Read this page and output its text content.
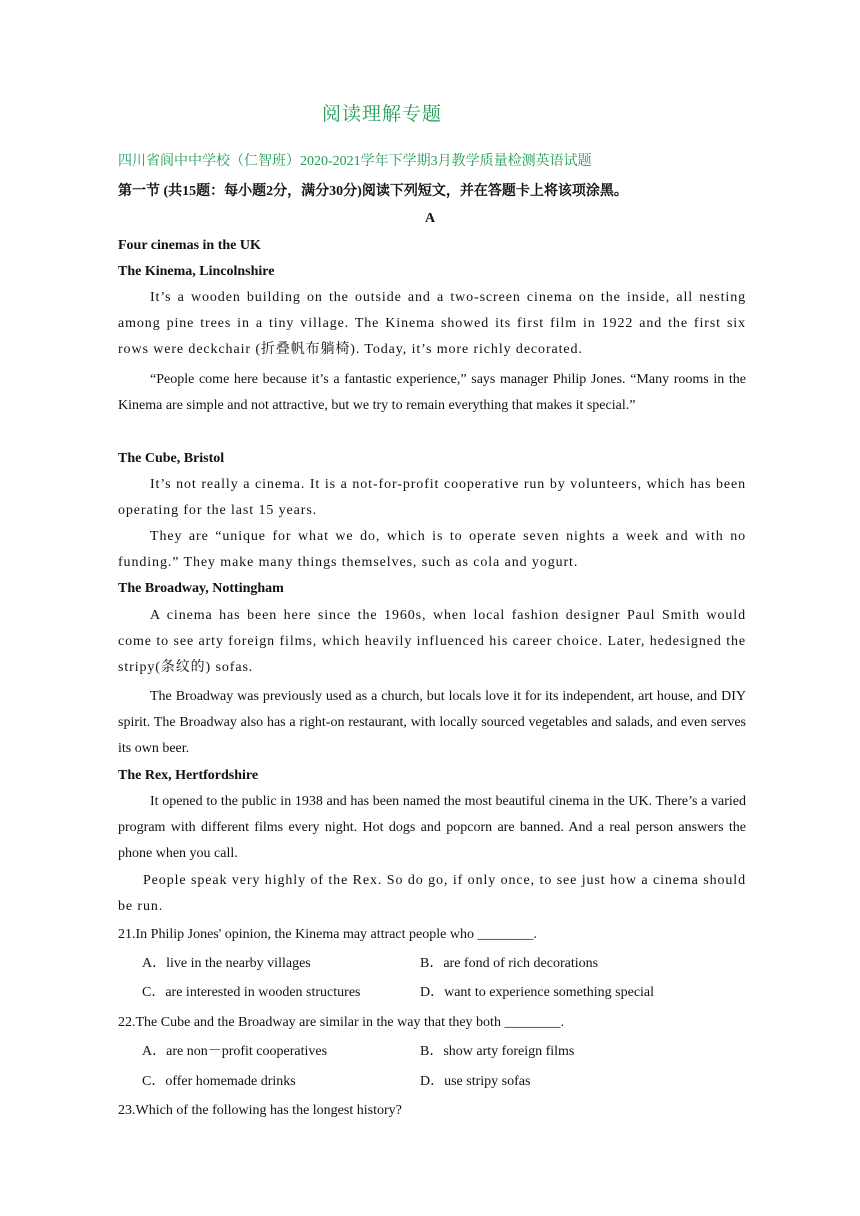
阅读理解专题
四川省阆中中学校（仁智班）2020-2021学年下学期3月教学质量检测英语试题
第一节 (共15题：每小题2分，满分30分)阅读下列短文，并在答题卡上将该项涂黑。
A
Four cinemas in the UK
The Kinema, Lincolnshire

It’s a wooden building on the outside and a two-screen cinema on the inside, all nesting among pine trees in a tiny village. The Kinema showed its first film in 1922 and the first six rows were deckchair (折叠帆布躺椅). Today, it’s more richly decorated.

“People come here because it’s a fantastic experience,” says manager Philip Jones. “Many rooms in the Kinema are simple and not attractive, but we try to remain everything that makes it special.”

The Cube, Bristol

It’s not really a cinema. It is a not-for-profit cooperative run by volunteers, which has been operating for the last 15 years.

They are “unique for what we do, which is to operate seven nights a week and with no funding.” They make many things themselves, such as cola and yogurt.

The Broadway, Nottingham

A cinema has been here since the 1960s, when local fashion designer Paul Smith would come to see arty foreign films, which heavily influenced his career choice. Later, hedesigned the stripy(条纹的) sofas.

The Broadway was previously used as a church, but locals love it for its independent, art house, and DIY spirit. The Broadway also has a right-on restaurant, with locally sourced vegetables and salads, and even serves its own beer.

The Rex, Hertfordshire

It opened to the public in 1938 and has been named the most beautiful cinema in the UK. There’s a varied program with different films every night. Hot dogs and popcorn are banned. And a real person answers the phone when you call.

People speak very highly of the Rex. So do go, if only once, to see just how a cinema should be run.

21.In Philip Jones' opinion, the Kinema may attract people who ________.
A．live in the nearby villages	B．are fond of rich decorations
C．are interested in wooden structures	D．want to experience something special
22.The Cube and the Broadway are similar in the way that they both ________.
A．are non－profit cooperatives	B．show arty foreign films
C．offer homemade drinks	D．use stripy sofas
23.Which of the following has the longest history?
